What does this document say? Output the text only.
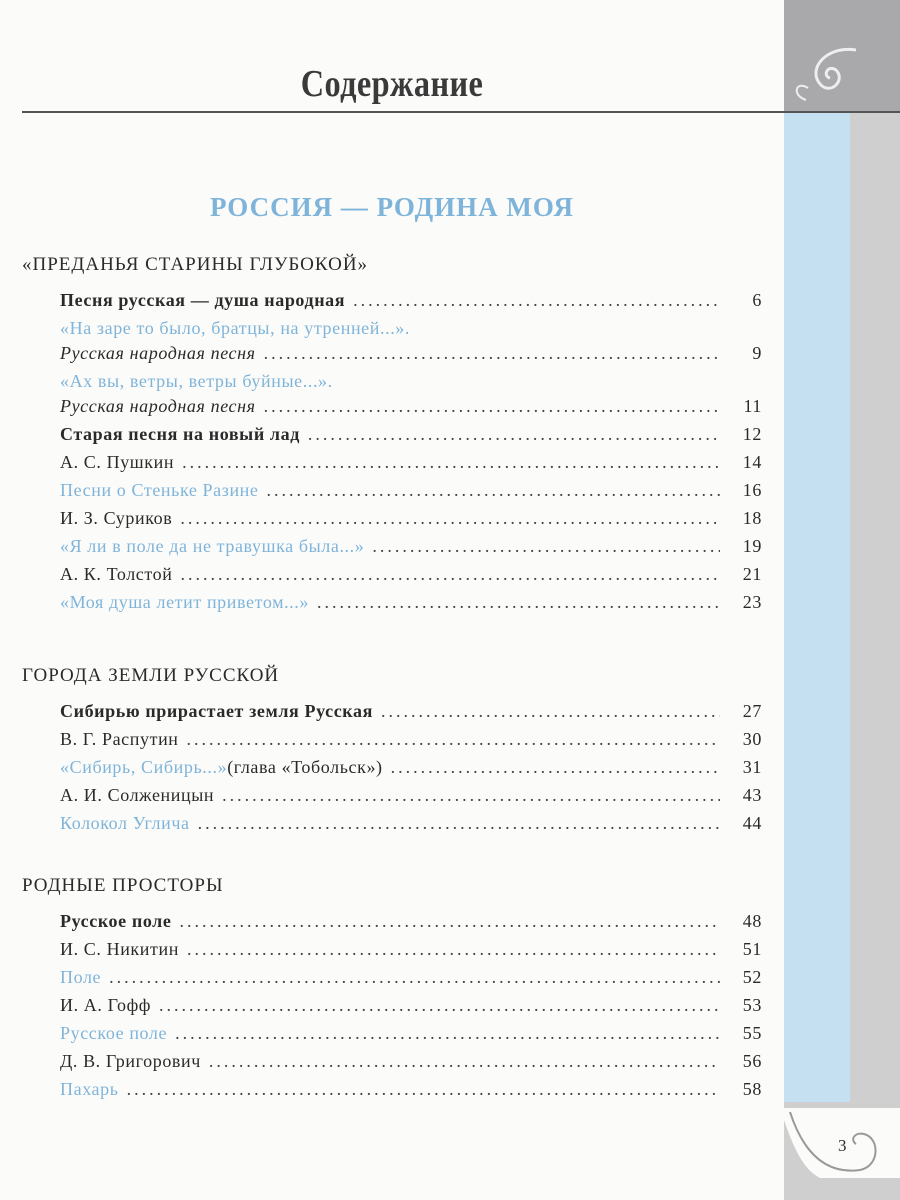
3
Содержание
РОССИЯ — РОДИНА МОЯ
«ПРЕДАНЬЯ СТАРИНЫ ГЛУБОКОЙ»
Песня русская — душа народная .....	6
«На заре то было, братцы, на утренней...».
Русская народная песня .....	9
«Ах вы, ветры, ветры буйные...».
Русская народная песня .....	11
Старая песня на новый лад .....	12
А. С. Пушкин .....	14
Песни о Стеньке Разине .....	16
И. З. Суриков .....	18
«Я ли в поле да не травушка была...» .....	19
А. К. Толстой .....	21
«Моя душа летит приветом...» .....	23
ГОРОДА ЗЕМЛИ РУССКОЙ
Сибирью прирастает земля Русская .....	27
В. Г. Распутин .....	30
«Сибирь, Сибирь...» (глава «Тобольск») .....	31
А. И. Солженицын .....	43
Колокол Углича .....	44
РОДНЫЕ ПРОСТОРЫ
Русское поле .....	48
И. С. Никитин .....	51
Поле .....	52
И. А. Гофф .....	53
Русское поле .....	55
Д. В. Григорович .....	56
Пахарь .....	58
